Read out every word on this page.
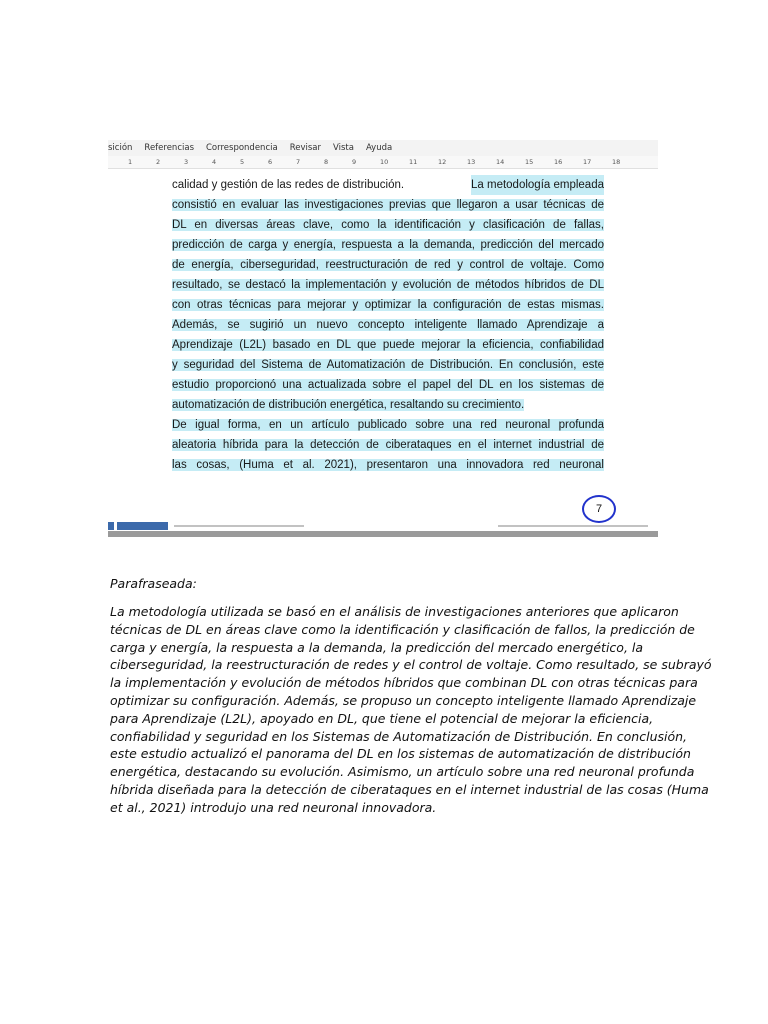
sición	Referencias	Correspondencia	Revisar	Vista	Ayuda
1	2	3	4	5	6	7	8	9	10	11	12	13	14	15	16	17	18
calidad y gestión de las redes de distribución.	La metodología empleada
consistió en evaluar las investigaciones previas que llegaron a usar técnicas de
DL en diversas áreas clave, como la identificación y clasificación de fallas,
predicción de carga y energía, respuesta a la demanda, predicción del mercado
de energía, ciberseguridad, reestructuración de red y control de voltaje. Como
resultado, se destacó la implementación y evolución de métodos híbridos de DL
con otras técnicas para mejorar y optimizar la configuración de estas mismas.
Además, se sugirió un nuevo concepto inteligente llamado Aprendizaje a
Aprendizaje (L2L) basado en DL que puede mejorar la eficiencia, confiabilidad
y seguridad del Sistema de Automatización de Distribución. En conclusión, este
estudio proporcionó una actualizada sobre el papel del DL en los sistemas de
automatización de distribución energética, resaltando su crecimiento.
De igual forma, en un artículo publicado sobre una red neuronal profunda
aleatoria híbrida para la detección de ciberataques en el internet industrial de
las cosas, (Huma et al. 2021), presentaron una innovadora red neuronal
7
Parafraseada:
La metodología utilizada se basó en el análisis de investigaciones anteriores que aplicaron
técnicas de DL en áreas clave como la identificación y clasificación de fallos, la predicción de
carga y energía, la respuesta a la demanda, la predicción del mercado energético, la
ciberseguridad, la reestructuración de redes y el control de voltaje. Como resultado, se subrayó
la implementación y evolución de métodos híbridos que combinan DL con otras técnicas para
optimizar su configuración. Además, se propuso un concepto inteligente llamado Aprendizaje
para Aprendizaje (L2L), apoyado en DL, que tiene el potencial de mejorar la eficiencia,
confiabilidad y seguridad en los Sistemas de Automatización de Distribución. En conclusión,
este estudio actualizó el panorama del DL en los sistemas de automatización de distribución
energética, destacando su evolución. Asimismo, un artículo sobre una red neuronal profunda
híbrida diseñada para la detección de ciberataques en el internet industrial de las cosas (Huma
et al., 2021) introdujo una red neuronal innovadora.
